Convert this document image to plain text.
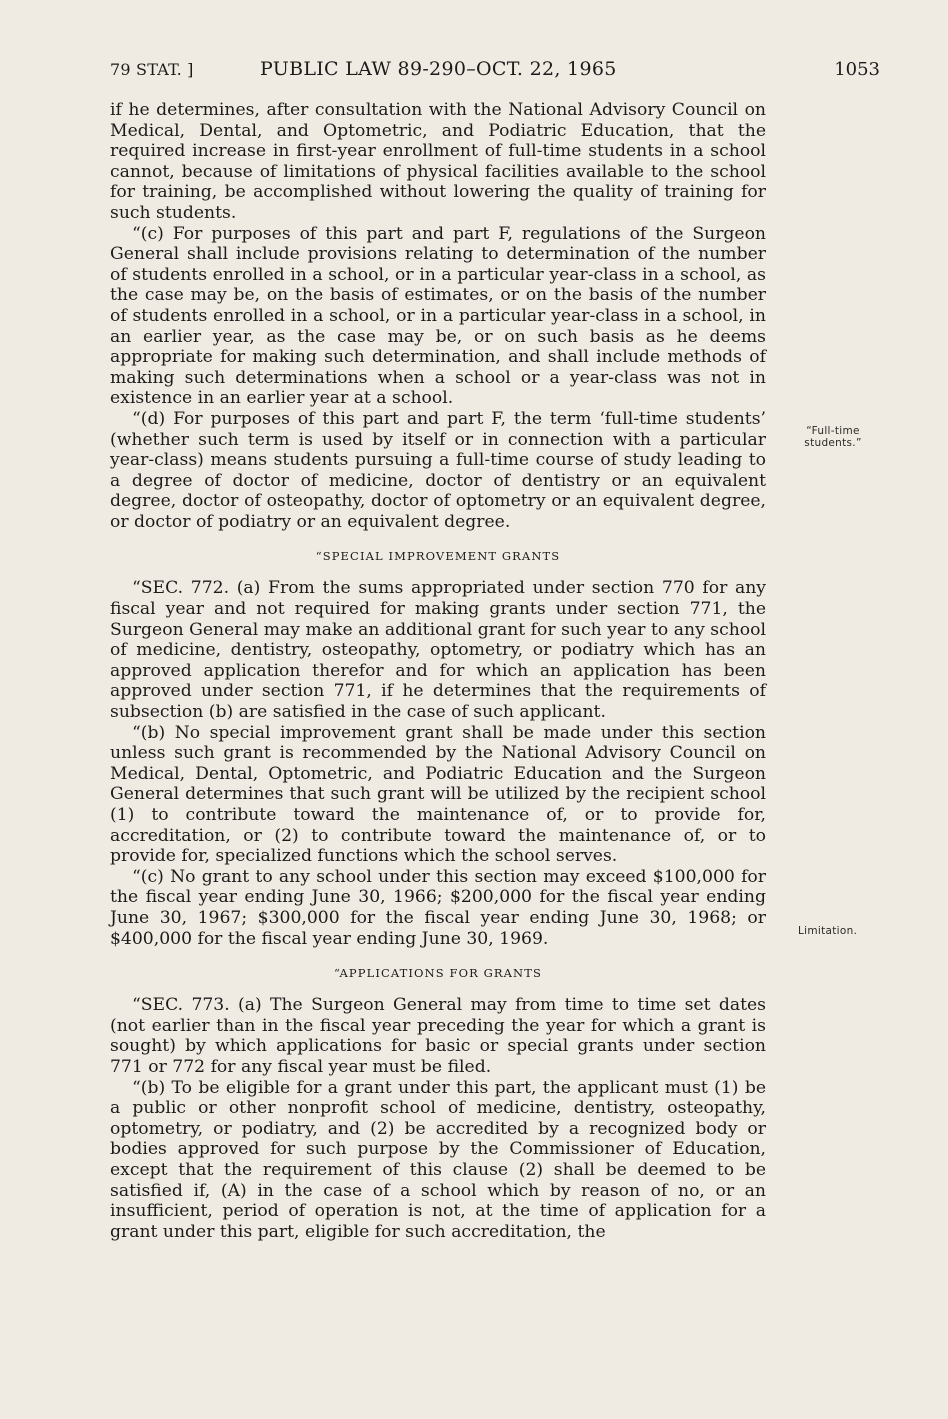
79 STAT. ]	PUBLIC LAW 89-290–OCT. 22, 1965	1053

if he determines, after consultation with the National Advisory Council on Medical, Dental, and Optometric, and Podiatric Education, that the required increase in first-year enrollment of full-time students in a school cannot, because of limitations of physical facilities available to the school for training, be accomplished without lowering the quality of training for such students.

“(c) For purposes of this part and part F, regulations of the Surgeon General shall include provisions relating to determination of the number of students enrolled in a school, or in a particular year-class in a school, as the case may be, on the basis of estimates, or on the basis of the number of students enrolled in a school, or in a particular year-class in a school, in an earlier year, as the case may be, or on such basis as he deems appropriate for making such determination, and shall include methods of making such determinations when a school or a year-class was not in existence in an earlier year at a school.

“(d) For purposes of this part and part F, the term ‘full-time students’ (whether such term is used by itself or in connection with a particular year-class) means students pursuing a full-time course of study leading to a degree of doctor of medicine, doctor of dentistry or an equivalent degree, doctor of osteopathy, doctor of optometry or an equivalent degree, or doctor of podiatry or an equivalent degree.

“SPECIAL IMPROVEMENT GRANTS

“SEC. 772. (a) From the sums appropriated under section 770 for any fiscal year and not required for making grants under section 771, the Surgeon General may make an additional grant for such year to any school of medicine, dentistry, osteopathy, optometry, or podiatry which has an approved application therefor and for which an application has been approved under section 771, if he determines that the requirements of subsection (b) are satisfied in the case of such applicant.

“(b) No special improvement grant shall be made under this section unless such grant is recommended by the National Advisory Council on Medical, Dental, Optometric, and Podiatric Education and the Surgeon General determines that such grant will be utilized by the recipient school (1) to contribute toward the maintenance of, or to provide for, accreditation, or (2) to contribute toward the maintenance of, or to provide for, specialized functions which the school serves.

“(c) No grant to any school under this section may exceed $100,000 for the fiscal year ending June 30, 1966; $200,000 for the fiscal year ending June 30, 1967; $300,000 for the fiscal year ending June 30, 1968; or $400,000 for the fiscal year ending June 30, 1969.

“APPLICATIONS FOR GRANTS

“SEC. 773. (a) The Surgeon General may from time to time set dates (not earlier than in the fiscal year preceding the year for which a grant is sought) by which applications for basic or special grants under section 771 or 772 for any fiscal year must be filed.

“(b) To be eligible for a grant under this part, the applicant must (1) be a public or other nonprofit school of medicine, dentistry, osteopathy, optometry, or podiatry, and (2) be accredited by a recognized body or bodies approved for such purpose by the Commissioner of Education, except that the requirement of this clause (2) shall be deemed to be satisfied if, (A) in the case of a school which by reason of no, or an insufficient, period of operation is not, at the time of application for a grant under this part, eligible for such accreditation, the

“Full-time students.”
Limitation.
